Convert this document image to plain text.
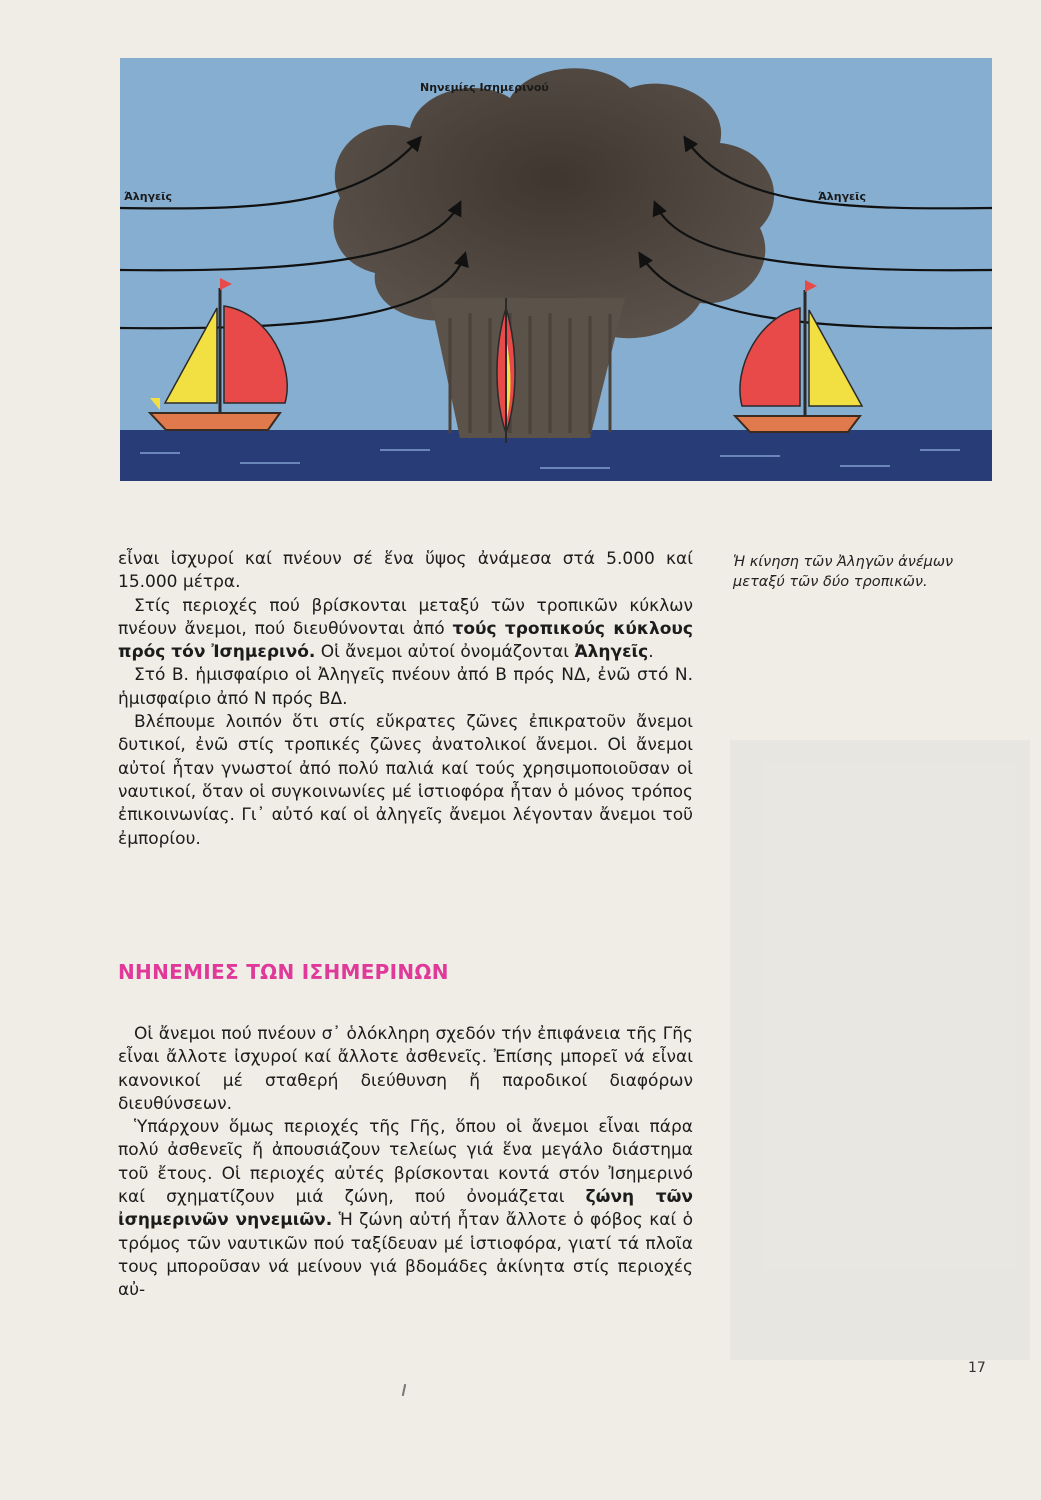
Νηνεμίες Ισημερινού
Άληγεῖς	Άληγεῖς
Ἡ κίνηση τῶν Ἀληγῶν ἀνέμων μεταξύ τῶν δύο τροπικῶν.

εἶναι ἰσχυροί καί πνέουν σέ ἕνα ὕψος ἀνάμεσα στά 5.000 καί 15.000 μέτρα.

Στίς περιοχές πού βρίσκονται μεταξύ τῶν τροπικῶν κύκλων πνέουν ἄνεμοι, πού διευθύνονται ἀπό τούς τροπικούς κύκλους πρός τόν Ἰσημερινό. Οἱ ἄνεμοι αὐτοί ὀνομάζονται Ἀληγεῖς.

Στό Β. ἡμισφαίριο οἱ Ἀληγεῖς πνέουν ἀπό Β πρός ΝΔ, ἐνῶ στό Ν. ἡμισφαίριο ἀπό Ν πρός ΒΔ.

Βλέπουμε λοιπόν ὅτι στίς εὔκρατες ζῶνες ἐπικρατοῦν ἄνεμοι δυτικοί, ἐνῶ στίς τροπικές ζῶνες ἀνατολικοί ἄνεμοι. Οἱ ἄνεμοι αὐτοί ἦταν γνωστοί ἀπό πολύ παλιά καί τούς χρησιμοποιοῦσαν οἱ ναυτικοί, ὅταν οἱ συγκοινωνίες μέ ἱστιοφόρα ἦταν ὁ μόνος τρόπος ἐπικοινωνίας. Γι᾽ αὐτό καί οἱ ἀληγεῖς ἄνεμοι λέγονταν ἄνεμοι τοῦ ἐμπορίου.

ΝΗΝΕΜΙΕΣ ΤΩΝ ΙΣΗΜΕΡΙΝΩΝ

Οἱ ἄνεμοι πού πνέουν σ᾽ ὁλόκληρη σχεδόν τήν ἐπιφάνεια τῆς Γῆς εἶναι ἄλλοτε ἰσχυροί καί ἄλλοτε ἀσθενεῖς. Ἐπίσης μπορεῖ νά εἶναι κανονικοί μέ σταθερή διεύθυνση ἤ παροδικοί διαφόρων διευθύνσεων.

Ὑπάρχουν ὅμως περιοχές τῆς Γῆς, ὅπου οἱ ἄνεμοι εἶναι πάρα πολύ ἀσθενεῖς ἤ ἀπουσιάζουν τελείως γιά ἕνα μεγάλο διάστημα τοῦ ἔτους. Οἱ περιοχές αὐτές βρίσκονται κοντά στόν Ἰσημερινό καί σχηματίζουν μιά ζώνη, πού ὀνομάζεται ζώνη τῶν ἰσημερινῶν νηνεμιῶν. Ἡ ζώνη αὐτή ἦταν ἄλλοτε ὁ φόβος καί ὁ τρόμος τῶν ναυτικῶν πού ταξίδευαν μέ ἱστιοφόρα, γιατί τά πλοῖα τους μποροῦσαν νά μείνουν γιά βδομάδες ἀκίνητα στίς περιοχές αὐ-

17
